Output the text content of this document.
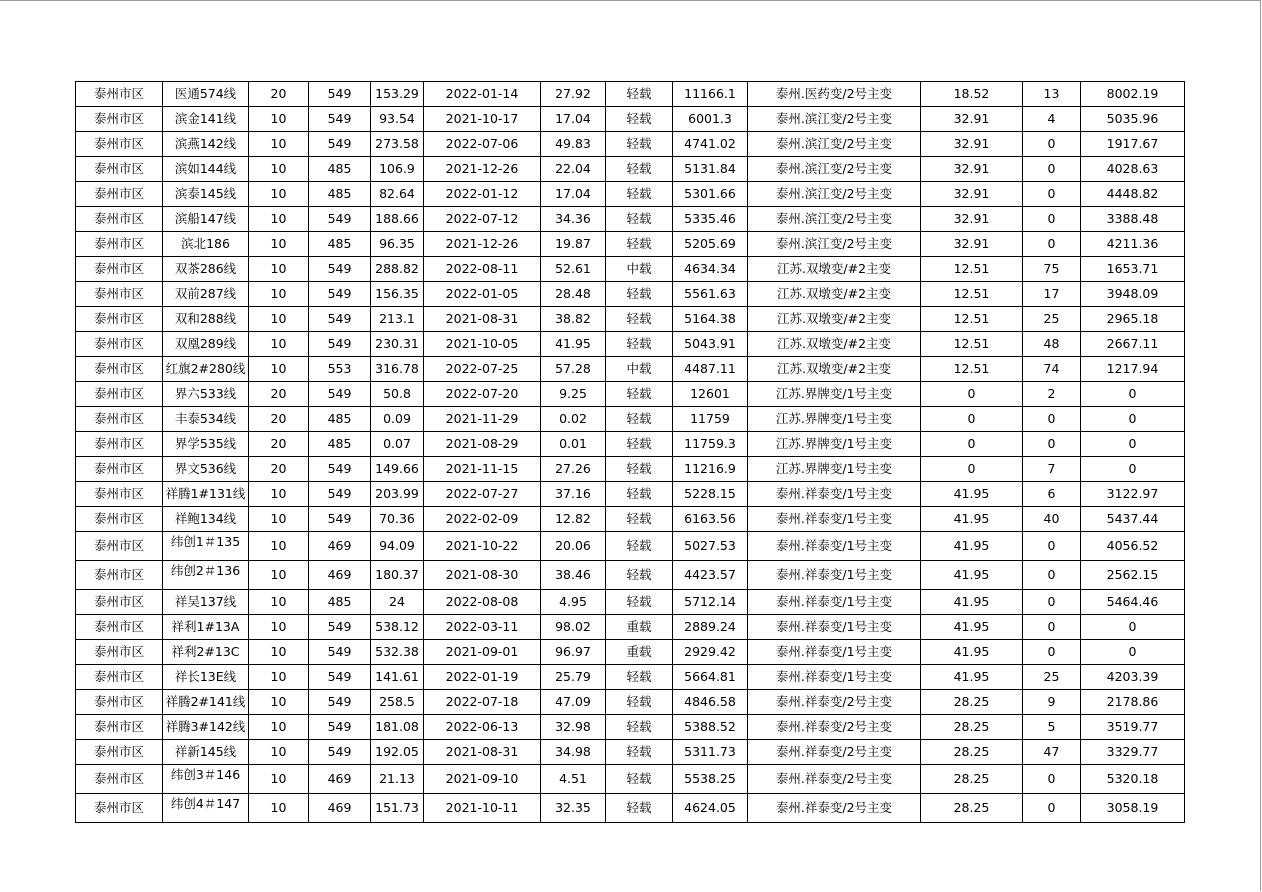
泰州市区	医通574线	20	549	153.29	2022-01-14	27.92	轻载	11166.1	泰州.医药变/2号主变	18.52	13	8002.19
泰州市区	滨金141线	10	549	93.54	2021-10-17	17.04	轻载	6001.3	泰州.滨江变/2号主变	32.91	4	5035.96
泰州市区	滨燕142线	10	549	273.58	2022-07-06	49.83	轻载	4741.02	泰州.滨江变/2号主变	32.91	0	1917.67
泰州市区	滨如144线	10	485	106.9	2021-12-26	22.04	轻载	5131.84	泰州.滨江变/2号主变	32.91	0	4028.63
泰州市区	滨泰145线	10	485	82.64	2022-01-12	17.04	轻载	5301.66	泰州.滨江变/2号主变	32.91	0	4448.82
泰州市区	滨船147线	10	549	188.66	2022-07-12	34.36	轻载	5335.46	泰州.滨江变/2号主变	32.91	0	3388.48
泰州市区	滨北186	10	485	96.35	2021-12-26	19.87	轻载	5205.69	泰州.滨江变/2号主变	32.91	0	4211.36
泰州市区	双茶286线	10	549	288.82	2022-08-11	52.61	中载	4634.34	江苏.双墩变/#2主变	12.51	75	1653.71
泰州市区	双前287线	10	549	156.35	2022-01-05	28.48	轻载	5561.63	江苏.双墩变/#2主变	12.51	17	3948.09
泰州市区	双和288线	10	549	213.1	2021-08-31	38.82	轻载	5164.38	江苏.双墩变/#2主变	12.51	25	2965.18
泰州市区	双凰289线	10	549	230.31	2021-10-05	41.95	轻载	5043.91	江苏.双墩变/#2主变	12.51	48	2667.11
泰州市区	红旗2#280线	10	553	316.78	2022-07-25	57.28	中载	4487.11	江苏.双墩变/#2主变	12.51	74	1217.94
泰州市区	界六533线	20	549	50.8	2022-07-20	9.25	轻载	12601	江苏.界牌变/1号主变	0	2	0
泰州市区	丰泰534线	20	485	0.09	2021-11-29	0.02	轻载	11759	江苏.界牌变/1号主变	0	0	0
泰州市区	界学535线	20	485	0.07	2021-08-29	0.01	轻载	11759.3	江苏.界牌变/1号主变	0	0	0
泰州市区	界文536线	20	549	149.66	2021-11-15	27.26	轻载	11216.9	江苏.界牌变/1号主变	0	7	0
泰州市区	祥腾1#131线	10	549	203.99	2022-07-27	37.16	轻载	5228.15	泰州.祥泰变/1号主变	41.95	6	3122.97
泰州市区	祥鲍134线	10	549	70.36	2022-02-09	12.82	轻载	6163.56	泰州.祥泰变/1号主变	41.95	40	5437.44
泰州市区	纬创1＃135	10	469	94.09	2021-10-22	20.06	轻载	5027.53	泰州.祥泰变/1号主变	41.95	0	4056.52
泰州市区	纬创2＃136	10	469	180.37	2021-08-30	38.46	轻载	4423.57	泰州.祥泰变/1号主变	41.95	0	2562.15
泰州市区	祥吴137线	10	485	24	2022-08-08	4.95	轻载	5712.14	泰州.祥泰变/1号主变	41.95	0	5464.46
泰州市区	祥利1#13A	10	549	538.12	2022-03-11	98.02	重载	2889.24	泰州.祥泰变/1号主变	41.95	0	0
泰州市区	祥利2#13C	10	549	532.38	2021-09-01	96.97	重载	2929.42	泰州.祥泰变/1号主变	41.95	0	0
泰州市区	祥长13E线	10	549	141.61	2022-01-19	25.79	轻载	5664.81	泰州.祥泰变/1号主变	41.95	25	4203.39
泰州市区	祥腾2#141线	10	549	258.5	2022-07-18	47.09	轻载	4846.58	泰州.祥泰变/2号主变	28.25	9	2178.86
泰州市区	祥腾3#142线	10	549	181.08	2022-06-13	32.98	轻载	5388.52	泰州.祥泰变/2号主变	28.25	5	3519.77
泰州市区	祥新145线	10	549	192.05	2021-08-31	34.98	轻载	5311.73	泰州.祥泰变/2号主变	28.25	47	3329.77
泰州市区	纬创3＃146	10	469	21.13	2021-09-10	4.51	轻载	5538.25	泰州.祥泰变/2号主变	28.25	0	5320.18
泰州市区	纬创4＃147	10	469	151.73	2021-10-11	32.35	轻载	4624.05	泰州.祥泰变/2号主变	28.25	0	3058.19
